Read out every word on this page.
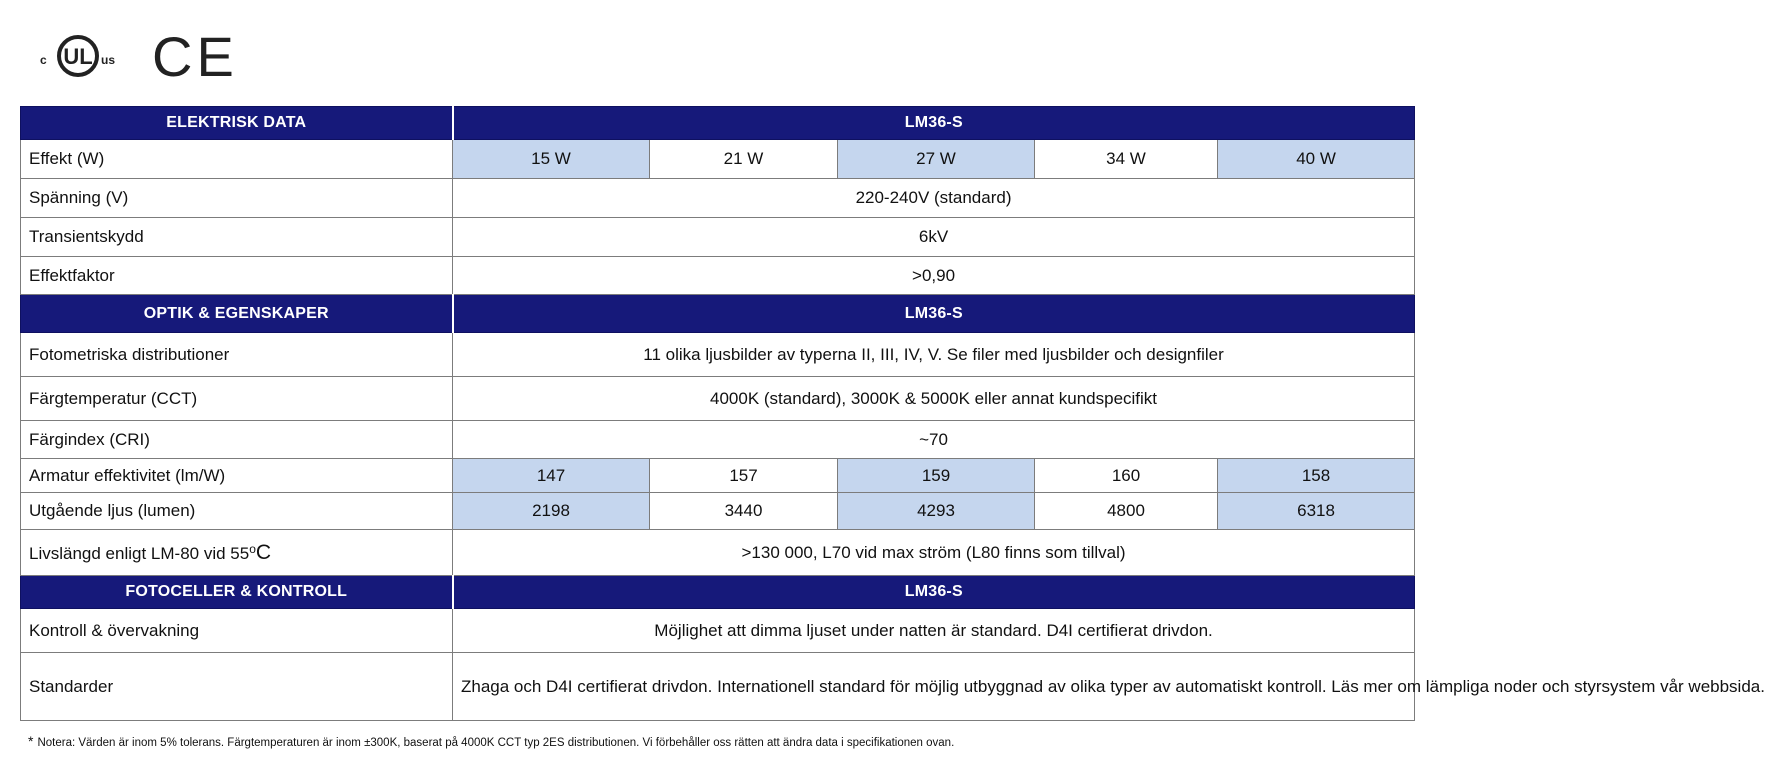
c UL us CE
ELEKTRISK DATA	LM36-S				
Effekt (W)	15 W	21 W	27 W	34 W	40 W
Spänning (V)	220-240V (standard)				
Transientskydd	6kV				
Effektfaktor	>0,90				
OPTIK & EGENSKAPER	LM36-S				
Fotometriska distributioner	11 olika ljusbilder av typerna II, III, IV, V. Se filer med ljusbilder och designfiler				
Färgtemperatur (CCT)	4000K (standard), 3000K & 5000K eller annat kundspecifikt				
Färgindex (CRI)	~70				
Armatur effektivitet (lm/W)	147	157	159	160	158
Utgående ljus (lumen)	2198	3440	4293	4800	6318
Livslängd enligt LM-80 vid $55^oC$	>130 000, L70 vid max ström (L80 finns som tillval)				
FOTOCELLER & KONTROLL	LM36-S				
Kontroll & övervakning	Möjlighet att dimma ljuset under natten är standard. D4I certifierat drivdon.				
Standarder	Zhaga och D4I certifierat drivdon. Internationell standard för möjlig utbyggnad av olika typer av automatiskt kontroll. Läs mer om lämpliga noder och styrsystem vår webbsida.				
* Notera: Värden är inom 5% tolerans. Färgtemperaturen är inom ±300K, baserat på 4000K CCT typ 2ES distributionen. Vi förbehåller oss rätten att ändra data i specifikationen ovan.
